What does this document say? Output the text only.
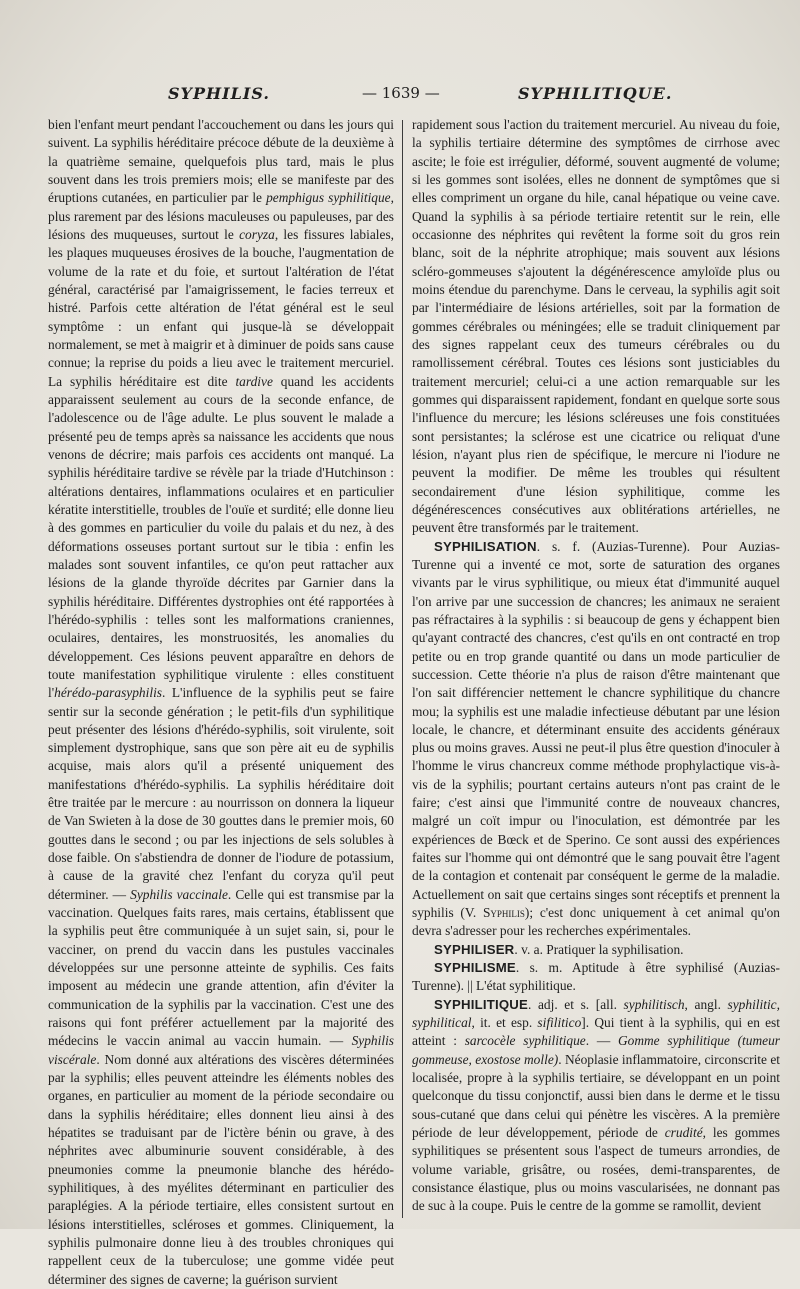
SYPHILIS.	— 1639 —	SYPHILITIQUE.

bien l'enfant meurt pendant l'accouchement ou dans les jours qui suivent. La syphilis héréditaire précoce débute de la deuxième à la quatrième semaine, quelquefois plus tard, mais le plus souvent dans les trois premiers mois; elle se manifeste par des éruptions cutanées, en particulier par le pemphigus syphilitique, plus rarement par des lésions maculeuses ou papuleuses, par des lésions des muqueuses, surtout le coryza, les fissures labiales, les plaques muqueuses érosives de la bouche, l'augmentation de volume de la rate et du foie, et surtout l'altération de l'état général, caractérisé par l'amaigrissement, le facies terreux et histré. Parfois cette altération de l'état général est le seul symptôme : un enfant qui jusque-là se développait normalement, se met à maigrir et à diminuer de poids sans cause connue; la reprise du poids a lieu avec le traitement mercuriel. La syphilis héréditaire est dite tardive quand les accidents apparaissent seulement au cours de la seconde enfance, de l'adolescence ou de l'âge adulte. Le plus souvent le malade a présenté peu de temps après sa naissance les accidents que nous venons de décrire; mais parfois ces accidents ont manqué. La syphilis héréditaire tardive se révèle par la triade d'Hutchinson : altérations dentaires, inflammations oculaires et en particulier kératite interstitielle, troubles de l'ouïe et surdité; elle donne lieu à des gommes en particulier du voile du palais et du nez, à des déformations osseuses portant surtout sur le tibia : enfin les malades sont souvent infantiles, ce qu'on peut rattacher aux lésions de la glande thyroïde décrites par Garnier dans la syphilis héréditaire. Différentes dystrophies ont été rapportées à l'hérédo-syphilis : telles sont les malformations craniennes, oculaires, dentaires, les monstruosités, les anomalies du développement. Ces lésions peuvent apparaître en dehors de toute manifestation syphilitique virulente : elles constituent l'hérédo-parasyphilis. L'influence de la syphilis peut se faire sentir sur la seconde génération ; le petit-fils d'un syphilitique peut présenter des lésions d'hérédo-syphilis, soit virulente, soit simplement dystrophique, sans que son père ait eu de syphilis acquise, mais alors qu'il a présenté uniquement des manifestations d'hérédo-syphilis. La syphilis héréditaire doit être traitée par le mercure : au nourrisson on donnera la liqueur de Van Swieten à la dose de 30 gouttes dans le premier mois, 60 gouttes dans le second ; ou par les injections de sels solubles à dose faible. On s'abstiendra de donner de l'iodure de potassium, à cause de la gravité chez l'enfant du coryza qu'il peut déterminer. — Syphilis vaccinale. Celle qui est transmise par la vaccination. Quelques faits rares, mais certains, établissent que la syphilis peut être communiquée à un sujet sain, si, pour le vacciner, on prend du vaccin dans les pustules vaccinales développées sur une personne atteinte de syphilis. Ces faits imposent au médecin une grande attention, afin d'éviter la communication de la syphilis par la vaccination. C'est une des raisons qui font préférer actuellement par la majorité des médecins le vaccin animal au vaccin humain. — Syphilis viscérale. Nom donné aux altérations des viscères déterminées par la syphilis; elles peuvent atteindre les éléments nobles des organes, en particulier au moment de la période secondaire ou dans la syphilis héréditaire; elles donnent lieu ainsi à des hépatites se traduisant par de l'ictère bénin ou grave, à des néphrites avec albuminurie souvent considérable, à des pneumonies comme la pneumonie blanche des hérédo-syphilitiques, à des myélites déterminant en particulier des paraplégies. A la période tertiaire, elles consistent surtout en lésions interstitielles, scléroses et gommes. Cliniquement, la syphilis pulmonaire donne lieu à des troubles chroniques qui rappellent ceux de la tuberculose; une gomme vidée peut déterminer des signes de caverne; la guérison survient

rapidement sous l'action du traitement mercuriel. Au niveau du foie, la syphilis tertiaire détermine des symptômes de cirrhose avec ascite; le foie est irrégulier, déformé, souvent augmenté de volume; si les gommes sont isolées, elles ne donnent de symptômes que si elles compriment un organe du hile, canal hépatique ou veine cave. Quand la syphilis à sa période tertiaire retentit sur le rein, elle occasionne des néphrites qui revêtent la forme soit du gros rein blanc, soit de la néphrite atrophique; mais souvent aux lésions scléro-gommeuses s'ajoutent la dégénérescence amyloïde plus ou moins étendue du parenchyme. Dans le cerveau, la syphilis agit soit par l'intermédiaire de lésions artérielles, soit par la formation de gommes cérébrales ou méningées; elle se traduit cliniquement par des signes rappelant ceux des tumeurs cérébrales ou du ramollissement cérébral. Toutes ces lésions sont justiciables du traitement mercuriel; celui-ci a une action remarquable sur les gommes qui disparaissent rapidement, fondant en quelque sorte sous l'influence du mercure; les lésions scléreuses une fois constituées sont persistantes; la sclérose est une cicatrice ou reliquat d'une lésion, n'ayant plus rien de spécifique, le mercure ni l'iodure ne peuvent la modifier. De même les troubles qui résultent secondairement d'une lésion syphilitique, comme les dégénérescences consécutives aux oblitérations artérielles, ne peuvent être transformés par le traitement.

SYPHILISATION. s. f. (Auzias-Turenne). Pour Auzias-Turenne qui a inventé ce mot, sorte de saturation des organes vivants par le virus syphilitique, ou mieux état d'immunité auquel l'on arrive par une succession de chancres; les animaux ne seraient pas réfractaires à la syphilis : si beaucoup de gens y échappent bien qu'ayant contracté des chancres, c'est qu'ils en ont contracté en trop petite ou en trop grande quantité ou dans un mode particulier de succession. Cette théorie n'a plus de raison d'être maintenant que l'on sait différencier nettement le chancre syphilitique du chancre mou; la syphilis est une maladie infectieuse débutant par une lésion locale, le chancre, et déterminant ensuite des accidents généraux plus ou moins graves. Aussi ne peut-il plus être question d'inoculer à l'homme le virus chancreux comme méthode prophylactique vis-à-vis de la syphilis; pourtant certains auteurs n'ont pas craint de le faire; c'est ainsi que l'immunité contre de nouveaux chancres, malgré un coït impur ou l'inoculation, est démontrée par les expériences de Bœck et de Sperino. Ce sont aussi des expériences faites sur l'homme qui ont démontré que le sang pouvait être l'agent de la contagion et contenait par conséquent le germe de la maladie. Actuellement on sait que certains singes sont réceptifs et prennent la syphilis (V. Syphilis); c'est donc uniquement à cet animal qu'on devra s'adresser pour les recherches expérimentales.

SYPHILISER. v. a. Pratiquer la syphilisation.

SYPHILISME. s. m. Aptitude à être syphilisé (Auzias-Turenne). || L'état syphilitique.

SYPHILITIQUE. adj. et s. [all. syphilitisch, angl. syphilitic, syphilitical, it. et esp. sifilitico]. Qui tient à la syphilis, qui en est atteint : sarcocèle syphilitique. — Gomme syphilitique (tumeur gommeuse, exostose molle). Néoplasie inflammatoire, circonscrite et localisée, propre à la syphilis tertiaire, se développant en un point quelconque du tissu conjonctif, aussi bien dans le derme et le tissu sous-cutané que dans celui qui pénètre les viscères. A la première période de leur développement, période de crudité, les gommes syphilitiques se présentent sous l'aspect de tumeurs arrondies, de volume variable, grisâtre, ou rosées, demi-transparentes, de consistance élastique, plus ou moins vascularisées, ne donnant pas de suc à la coupe. Puis le centre de la gomme se ramollit, devient
